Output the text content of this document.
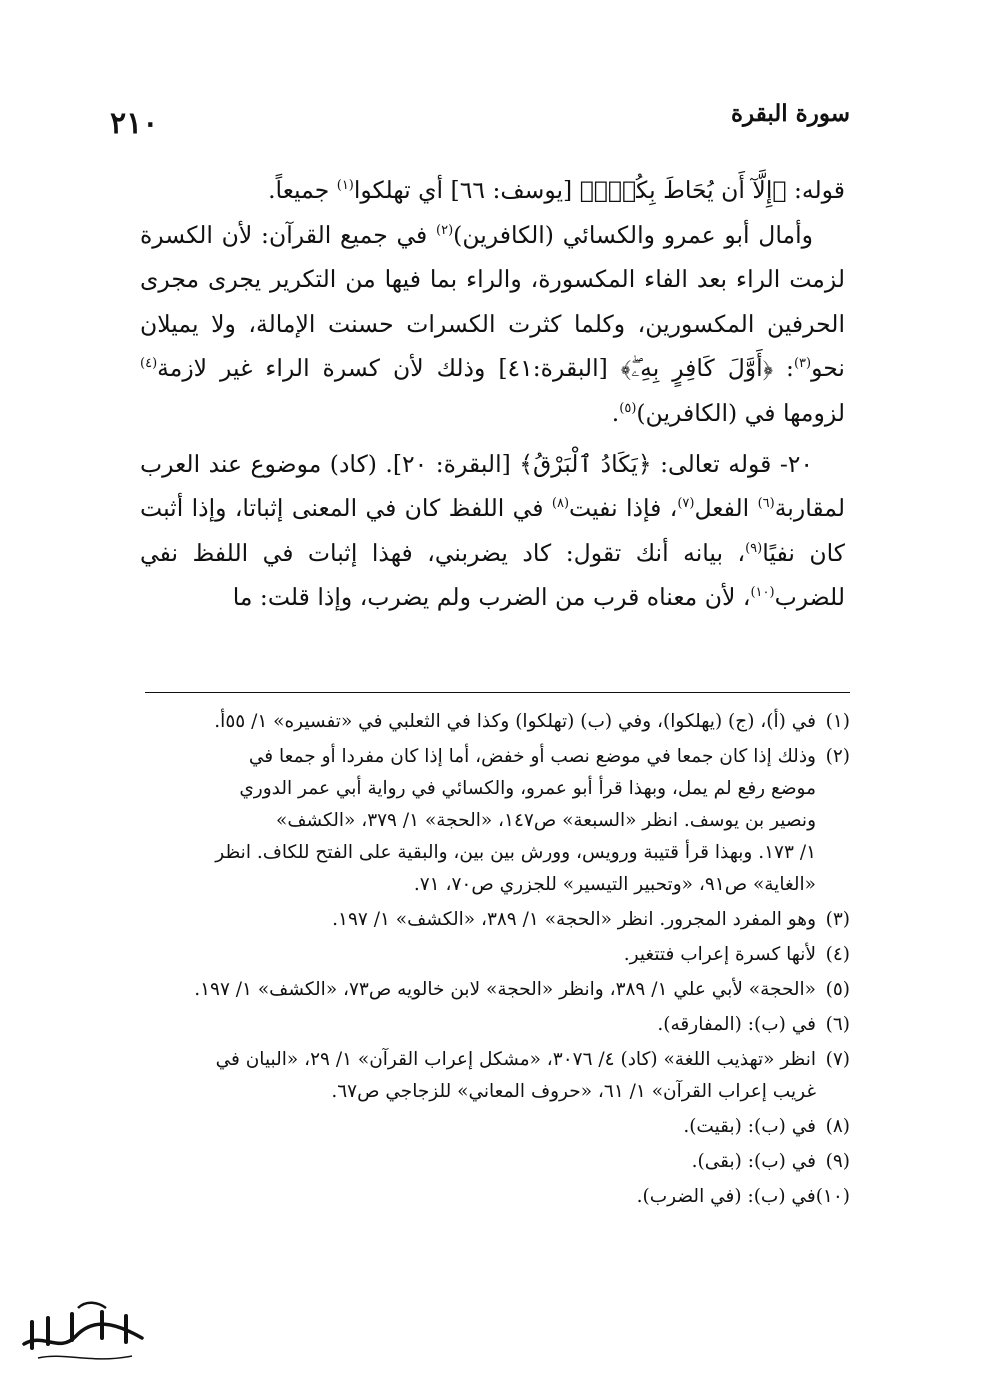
٢١٠	سورة البقرة

قوله: ﴿إِلَّآ أَن يُحَاطَ بِكُمْۖ﴾ [يوسف: ٦٦] أي تهلكوا$^{(١)}$ جميعاً.

وأمال أبو عمرو والكسائي (الكافرين)$^{(٢)}$ في جميع القرآن: لأن الكسرة لزمت الراء بعد الفاء المكسورة، والراء بما فيها من التكرير يجرى مجرى الحرفين المكسورين، وكلما كثرت الكسرات حسنت الإمالة، ولا يميلان نحو$^{(٣)}$: ﴿أَوَّلَ كَافِرٍ بِهِۦۖ﴾ [البقرة:٤١] وذلك لأن كسرة الراء غير لازمة$^{(٤)}$ لزومها في (الكافرين)$^{(٥)}$.

٢٠- قوله تعالى: ﴿يَكَادُ ٱلْبَرْقُ﴾ [البقرة: ٢٠]. (كاد) موضوع عند العرب لمقاربة$^{(٦)}$ الفعل$^{(٧)}$، فإذا نفيت$^{(٨)}$ في اللفظ كان في المعنى إثباتا، وإذا أثبت كان نفيًا$^{(٩)}$، بيانه أنك تقول: كاد يضربني، فهذا إثبات في اللفظ نفي للضرب$^{(١٠)}$، لأن معناه قرب من الضرب ولم يضرب، وإذا قلت: ما

(١)
في (أ)، (ج) (يهلكوا)، وفي (ب) (تهلكوا) وكذا في الثعلبي في «تفسيره» ١/ ٥٥أ.
(٢)
وذلك إذا كان جمعا في موضع نصب أو خفض، أما إذا كان مفردا أو جمعا في
موضع رفع لم يمل، وبهذا قرأ أبو عمرو، والكسائي في رواية أبي عمر الدوري
ونصير بن يوسف. انظر «السبعة» ص١٤٧، «الحجة» ١/ ٣٧٩، «الكشف»
١/ ١٧٣. وبهذا قرأ قتيبة ورويس، وورش بين بين، والبقية على الفتح للكاف. انظر
«الغاية» ص٩١، «وتحبير التيسير» للجزري ص٧٠، ٧١.
(٣)
وهو المفرد المجرور. انظر «الحجة» ١/ ٣٨٩، «الكشف» ١/ ١٩٧.
(٤)
لأنها كسرة إعراب فتتغير.
(٥)
«الحجة» لأبي علي ١/ ٣٨٩، وانظر «الحجة» لابن خالويه ص٧٣، «الكشف» ١/ ١٩٧.
(٦)
في (ب): (المفارقه).
(٧)
انظر «تهذيب اللغة» (كاد) ٤/ ٣٠٧٦، «مشكل إعراب القرآن» ١/ ٢٩، «البيان في
غريب إعراب القرآن» ١/ ٦١، «حروف المعاني» للزجاجي ص٦٧.
(٨)
في (ب): (بقيت).
(٩)
في (ب): (بقى).
(١٠)
في (ب): (في الضرب).
